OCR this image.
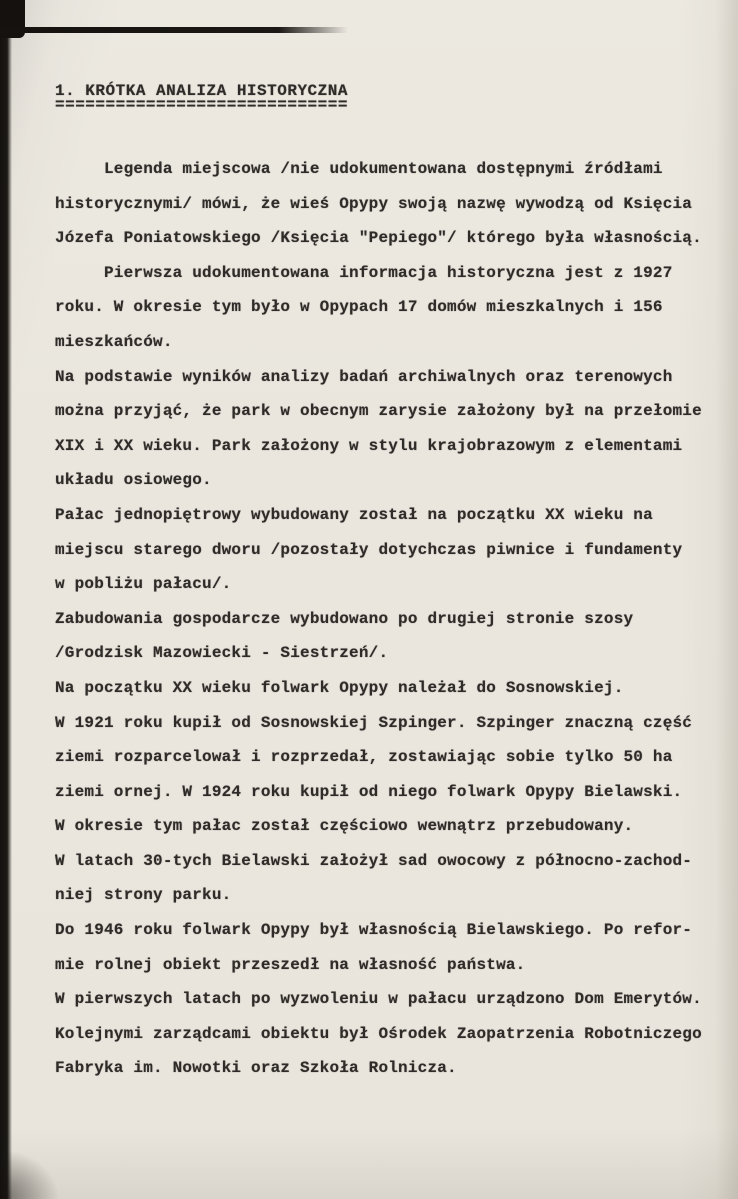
1. KRÓTKA ANALIZA HISTORYCZNA
=============================
Legenda miejscowa /nie udokumentowana dostępnymi źródłami
historycznymi/ mówi, że wieś Opypy swoją nazwę wywodzą od Księcia
Józefa Poniatowskiego /Księcia "Pepiego"/ którego była własnością.
Pierwsza udokumentowana informacja historyczna jest z 1927
roku. W okresie tym było w Opypach 17 domów mieszkalnych i 156
mieszkańców.
Na podstawie wyników analizy badań archiwalnych oraz terenowych
można przyjąć, że park w obecnym zarysie założony był na przełomie
XIX i XX wieku. Park założony w stylu krajobrazowym z elementami
układu osiowego.
Pałac jednopiętrowy wybudowany został na początku XX wieku na
miejscu starego dworu /pozostały dotychczas piwnice i fundamenty
w pobliżu pałacu/.
Zabudowania gospodarcze wybudowano po drugiej stronie szosy
/Grodzisk Mazowiecki - Siestrzeń/.
Na początku XX wieku folwark Opypy należał do Sosnowskiej.
W 1921 roku kupił od Sosnowskiej Szpinger. Szpinger znaczną część
ziemi rozparcelował i rozprzedał, zostawiając sobie tylko 50 ha
ziemi ornej. W 1924 roku kupił od niego folwark Opypy Bielawski.
W okresie tym pałac został częściowo wewnątrz przebudowany.
W latach 30-tych Bielawski założył sad owocowy z północno-zachod-
niej strony parku.
Do 1946 roku folwark Opypy był własnością Bielawskiego. Po refor-
mie rolnej obiekt przeszedł na własność państwa.
W pierwszych latach po wyzwoleniu w pałacu urządzono Dom Emerytów.
Kolejnymi zarządcami obiektu był Ośrodek Zaopatrzenia Robotniczego
Fabryka im. Nowotki oraz Szkoła Rolnicza.
